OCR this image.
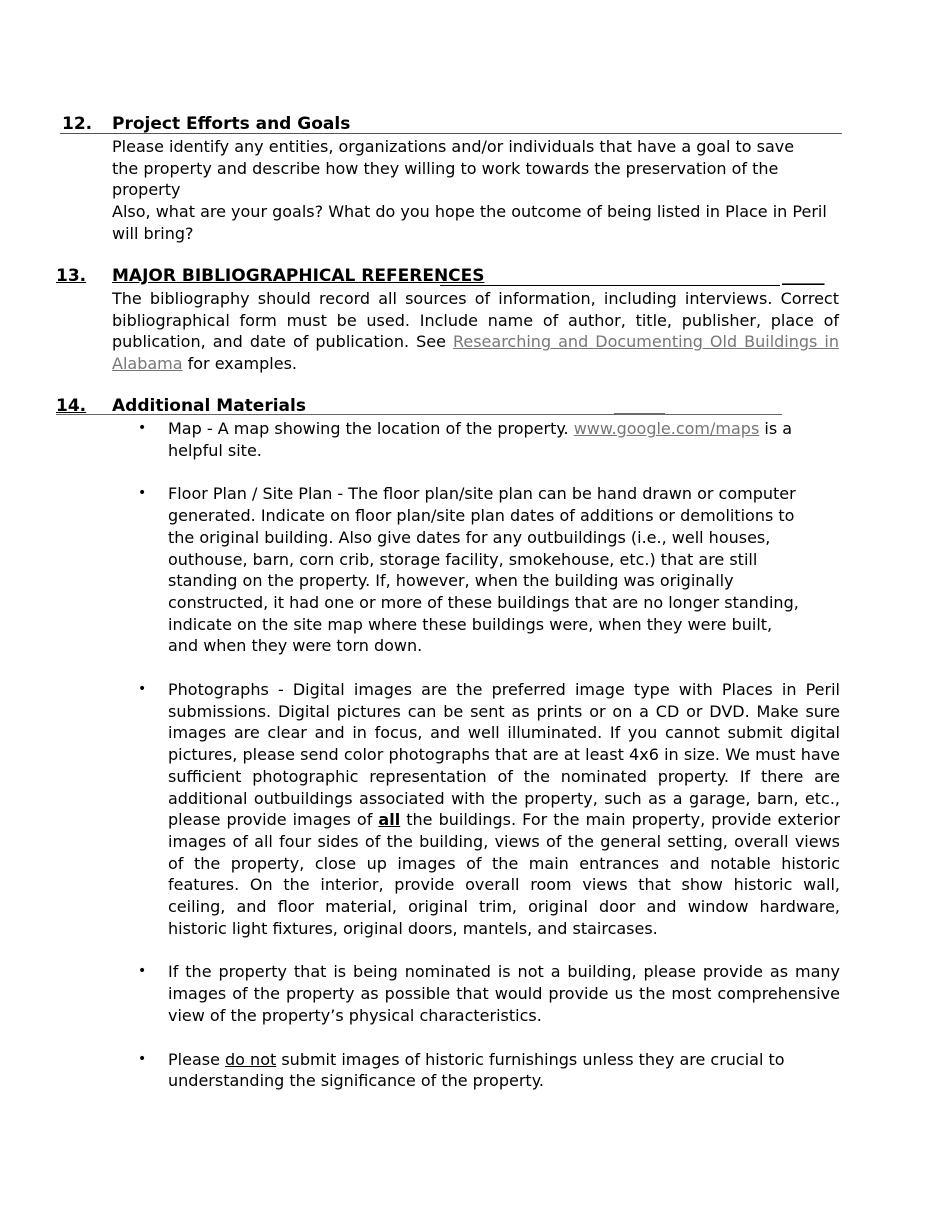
12. Project Efforts and Goals
Please identify any entities, organizations and/or individuals that have a goal to save the property and describe how they willing to work towards the preservation of the property
Also, what are your goals? What do you hope the outcome of being listed in Place in Peril will bring?
13. MAJOR BIBLIOGRAPHICAL REFERENCES	_____
The bibliography should record all sources of information, including interviews. Correct bibliographical form must be used. Include name of author, title, publisher, place of publication, and date of publication. See Researching and Documenting Old Buildings in Alabama for examples.
14. Additional Materials	______
• Map - A map showing the location of the property. www.google.com/maps is a helpful site.
• Floor Plan / Site Plan - The floor plan/site plan can be hand drawn or computer generated. Indicate on floor plan/site plan dates of additions or demolitions to the original building. Also give dates for any outbuildings (i.e., well houses, outhouse, barn, corn crib, storage facility, smokehouse, etc.) that are still standing on the property. If, however, when the building was originally constructed, it had one or more of these buildings that are no longer standing, indicate on the site map where these buildings were, when they were built, and when they were torn down.
• Photographs - Digital images are the preferred image type with Places in Peril submissions. Digital pictures can be sent as prints or on a CD or DVD. Make sure images are clear and in focus, and well illuminated. If you cannot submit digital pictures, please send color photographs that are at least 4x6 in size. We must have sufficient photographic representation of the nominated property. If there are additional outbuildings associated with the property, such as a garage, barn, etc., please provide images of all the buildings. For the main property, provide exterior images of all four sides of the building, views of the general setting, overall views of the property, close up images of the main entrances and notable historic features. On the interior, provide overall room views that show historic wall, ceiling, and floor material, original trim, original door and window hardware, historic light fixtures, original doors, mantels, and staircases.
• If the property that is being nominated is not a building, please provide as many images of the property as possible that would provide us the most comprehensive view of the property’s physical characteristics.
• Please do not submit images of historic furnishings unless they are crucial to understanding the significance of the property.
